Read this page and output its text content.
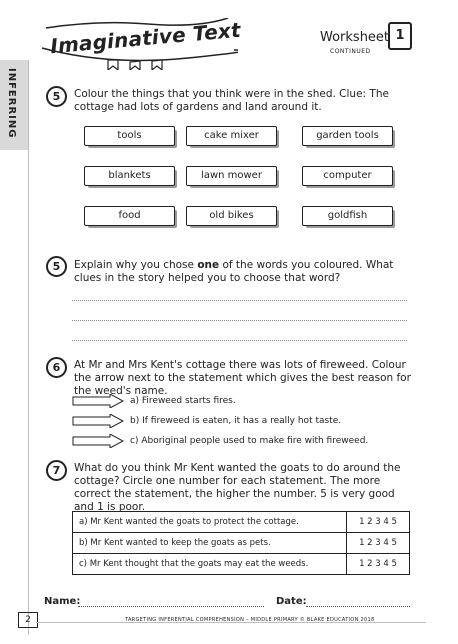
INFERRING
Imaginative Text	Worksheet 1
CONTINUED
5	Colour the things that you think were in the shed. Clue: The cottage had lots of gardens and land around it.
tools	cake mixer	garden tools
blankets	lawn mower	computer
food	old bikes	goldfish
5	Explain why you chose one of the words you coloured. What clues in the story helped you to choose that word?
6	At Mr and Mrs Kent's cottage there was lots of fireweed. Colour the arrow next to the statement which gives the best reason for the weed's name.
a) Fireweed starts fires.
b) If fireweed is eaten, it has a really hot taste.
c) Aboriginal people used to make fire with fireweed.
7	What do you think Mr Kent wanted the goats to do around the cottage? Circle one number for each statement. The more correct the statement, the higher the number. 5 is very good and 1 is poor.
a) Mr Kent wanted the goats to protect the cottage.	1 2 3 4 5
b) Mr Kent wanted to keep the goats as pets.	1 2 3 4 5
c) Mr Kent thought that the goats may eat the weeds.	1 2 3 4 5
Name:	Date:
2	TARGETING INFERENTIAL COMPREHENSION – MIDDLE PRIMARY © BLAKE EDUCATION 2018
